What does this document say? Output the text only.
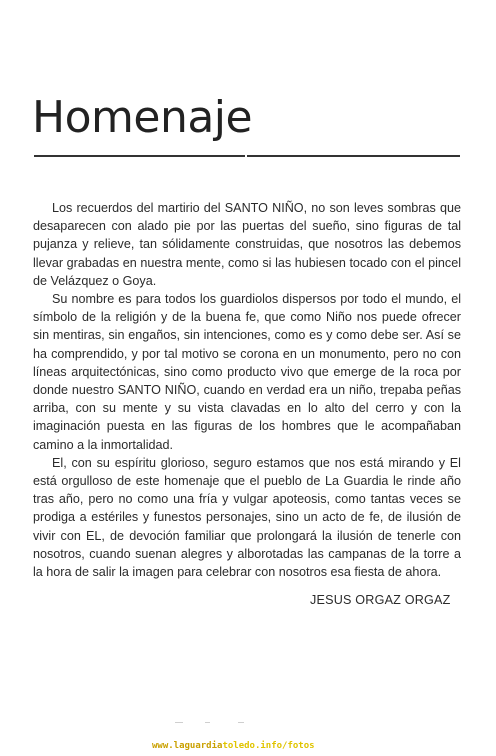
Homenaje

Los recuerdos del martirio del SANTO NIÑO, no son leves sombras que desaparecen con alado pie por las puertas del sueño, sino figuras de tal pujanza y relieve, tan sólidamente construidas, que nosotros las debemos llevar grabadas en nuestra mente, como si las hubiesen tocado con el pincel de Velázquez o Goya.

Su nombre es para todos los guardiolos dispersos por todo el mundo, el símbolo de la religión y de la buena fe, que como Niño nos puede ofrecer sin mentiras, sin engaños, sin intenciones, como es y como debe ser. Así se ha comprendido, y por tal motivo se corona en un monumento, pero no con líneas arquitectónicas, sino como producto vivo que emerge de la roca por donde nuestro SANTO NIÑO, cuando en verdad era un niño, trepaba peñas arriba, con su mente y su vista clavadas en lo alto del cerro y con la imaginación puesta en las figuras de los hombres que le acompañaban camino a la inmortalidad.

El, con su espíritu glorioso, seguro estamos que nos está mirando y El está orgulloso de este homenaje que el pueblo de La Guardia le rinde año tras año, pero no como una fría y vulgar apoteosis, como tantas veces se prodiga a estériles y funestos personajes, sino un acto de fe, de ilusión de vivir con EL, de devoción familiar que prolongará la ilusión de tenerle con nosotros, cuando suenan alegres y alborotadas las campanas de la torre a la hora de salir la imagen para celebrar con nosotros esa fiesta de ahora.

JESUS ORGAZ ORGAZ
www.laguardiatoledo.info/fotos
